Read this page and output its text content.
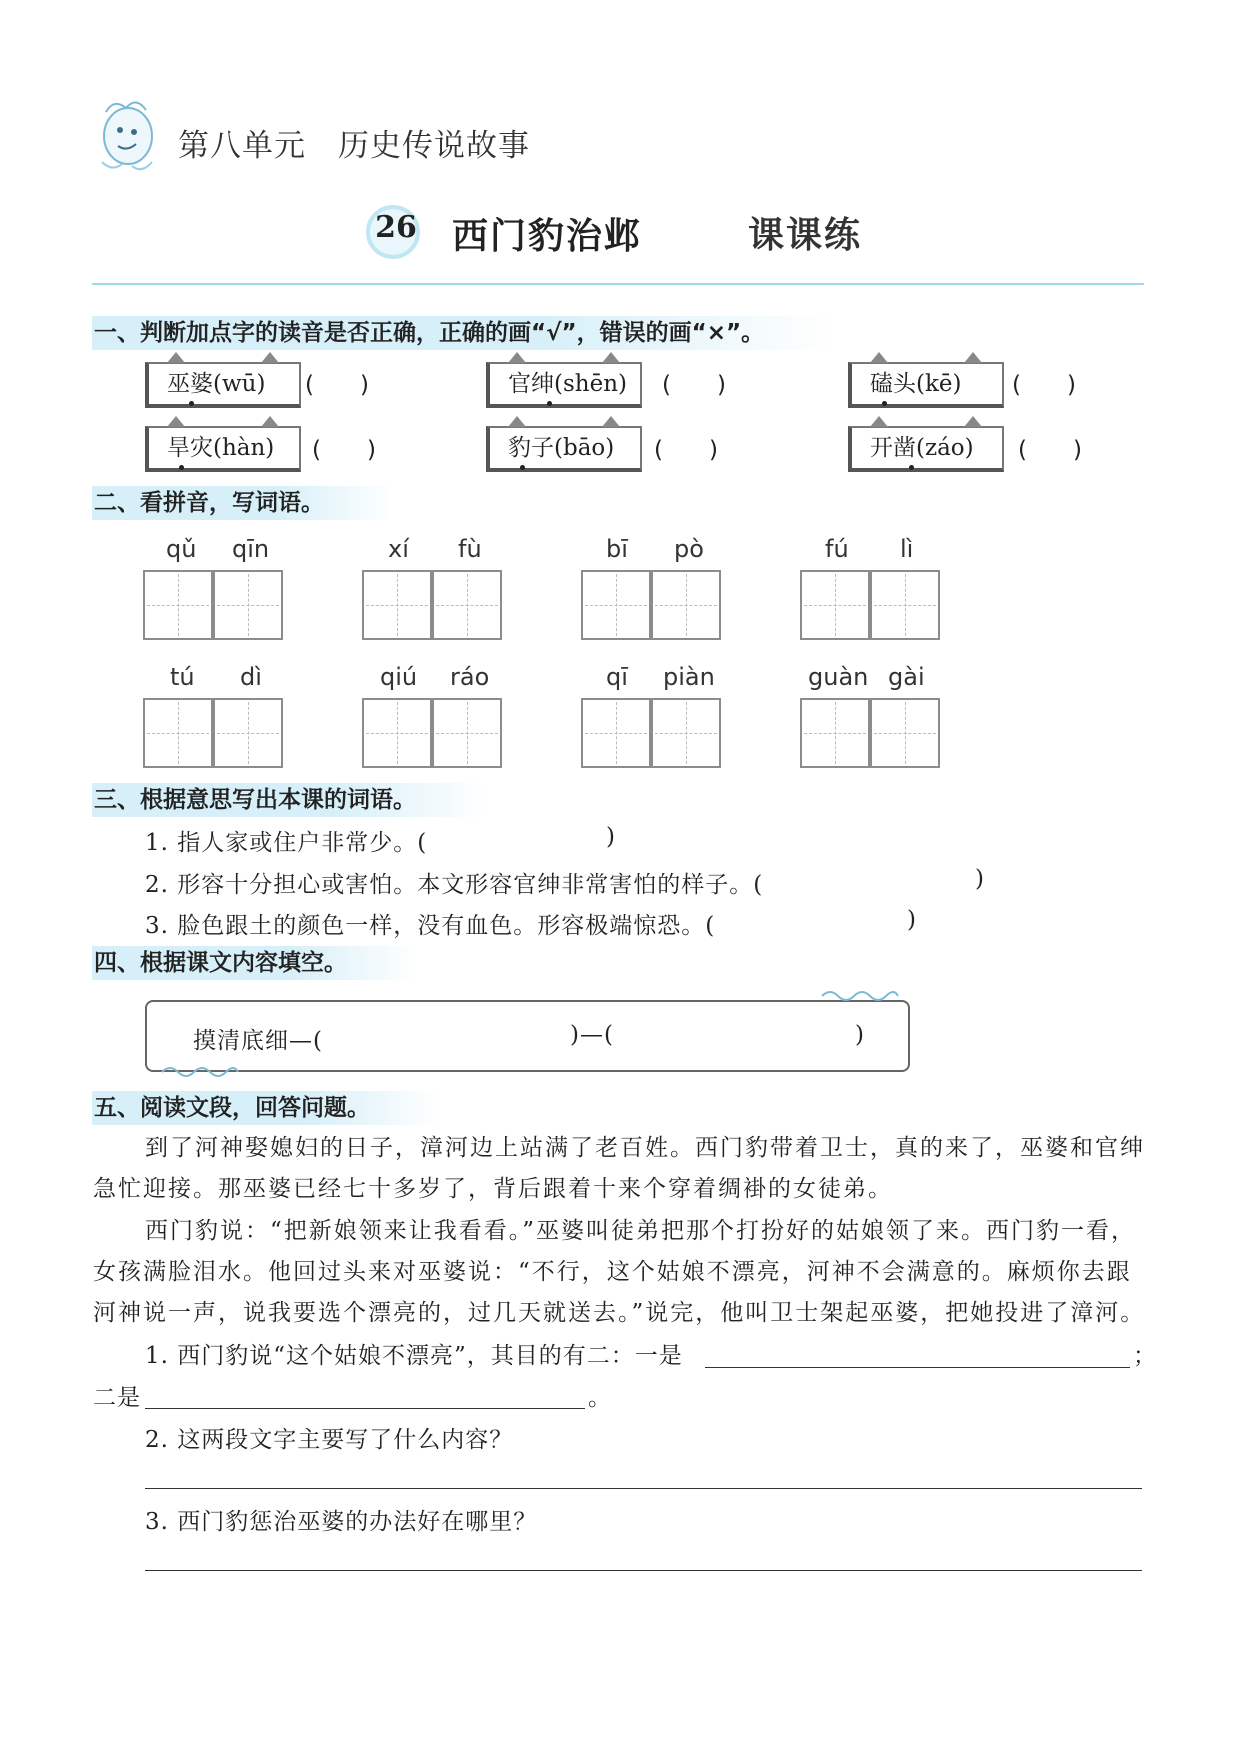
第八单元　历史传说故事
26 西门豹治邺	课课练
一、判断加点字的读音是否正确，正确的画“√”，错误的画“×”。
巫婆(wū)	(　　)	官绅(shēn)	(　　)	磕头(kē)	(　　)
旱灾(hàn)	(　　)	豹子(bāo)	(　　)	开凿(záo)	(　　)
二、看拼音，写词语。
qǔ qīn	xí fù	bī pò	fú lì
tú dì	qiú ráo	qī piàn	guàn gài
三、根据意思写出本课的词语。
1. 指人家或住户非常少。(	)
2. 形容十分担心或害怕。本文形容官绅非常害怕的样子。(	)
3. 脸色跟土的颜色一样，没有血色。形容极端惊恐。(	)
四、根据课文内容填空。
摸清底细—(	)—(	)
五、阅读文段，回答问题。
到了河神娶媳妇的日子，漳河边上站满了老百姓。西门豹带着卫士，真的来了，巫婆和官绅
急忙迎接。那巫婆已经七十多岁了，背后跟着十来个穿着绸褂的女徒弟。
西门豹说：“把新娘领来让我看看。”巫婆叫徒弟把那个打扮好的姑娘领了来。西门豹一看，
女孩满脸泪水。他回过头来对巫婆说：“不行，这个姑娘不漂亮，河神不会满意的。麻烦你去跟
河神说一声，说我要选个漂亮的，过几天就送去。”说完，他叫卫士架起巫婆，把她投进了漳河。
1. 西门豹说“这个姑娘不漂亮”，其目的有二：一是	；
二是	。
2. 这两段文字主要写了什么内容？
3. 西门豹惩治巫婆的办法好在哪里？
